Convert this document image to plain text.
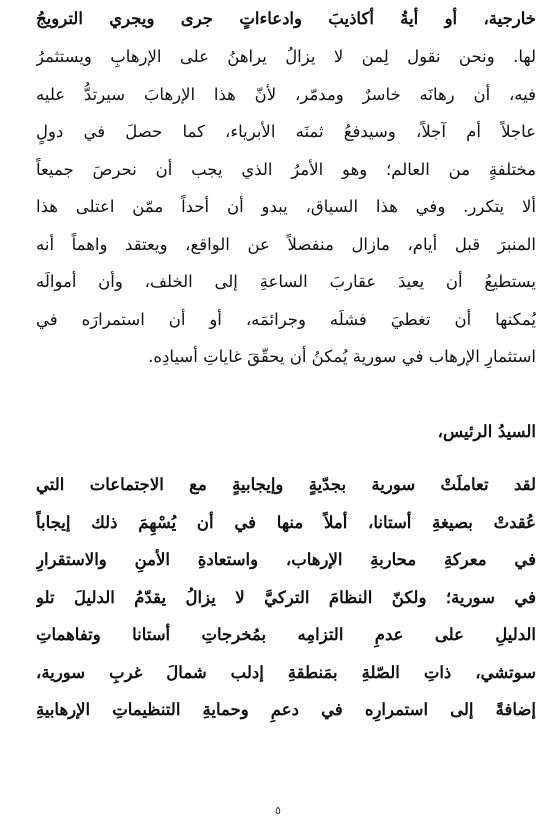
خارجية، أو أيةُ أكاذيبَ وادعاءاتٍ جرى ويجري الترويجُ
لها. ونحن نقول لِمن لا يزالُ يراهنُ على الإرهابِ ويستثمرُ
فيه، أن رهانَه خاسرٌ ومدمّر، لأنّ هذا الإرهابَ سيرتدُّ عليه
عاجلاً أم آجلاً، وسيدفعُ ثمنَه الأبرياء، كما حصلَ في دولٍ
مختلفةٍ من العالم؛ وهو الأمرُ الذي يجب أن نحرصَ جميعاً
ألا يتكرر. وفي هذا السياق، يبدو أن أحداً ممّن اعتلى هذا
المنبرَ قبل أيام، مازال منفصلاً عن الواقع، ويعتقد واهماً أنه
يستطيعُ أن يعيدَ عقاربَ الساعةِ إلى الخلف، وأن أموالَه
يُمكنها أن تغطيَ فشلَه وجرائمَه، أو أن استمرارَه في
استثمارِ الإرهاب في سورية يُمكنُ أن يحقّقَ غاياتِ أسيادِه.
السيدُ الرئيس،
لقد تعاملَتْ سورية بجدّيةٍ وإيجابيةٍ مع الاجتماعات التي
عُقدتْ بصيغةِ أستانا، أملاً منها في أن يُسْهِمَ ذلك إيجاباً
في معركةِ محاربةِ الإرهاب، واستعادةِ الأمنِ والاستقرارِ
في سورية؛ ولكنّ النظامَ التركيَّ لا يزالُ يقدّمُ الدليلَ تلو
الدليلِ على عدمِ التزامِه بمُخرجاتِ أستانا وتفاهماتِ
سوتشي، ذاتِ الصّلةِ بمَنطقةِ إدلب شمالَ غربِ سورية،
إضافةً إلى استمرارِه في دعمِ وحمايةِ التنظيماتِ الإرهابيةِ
٥
